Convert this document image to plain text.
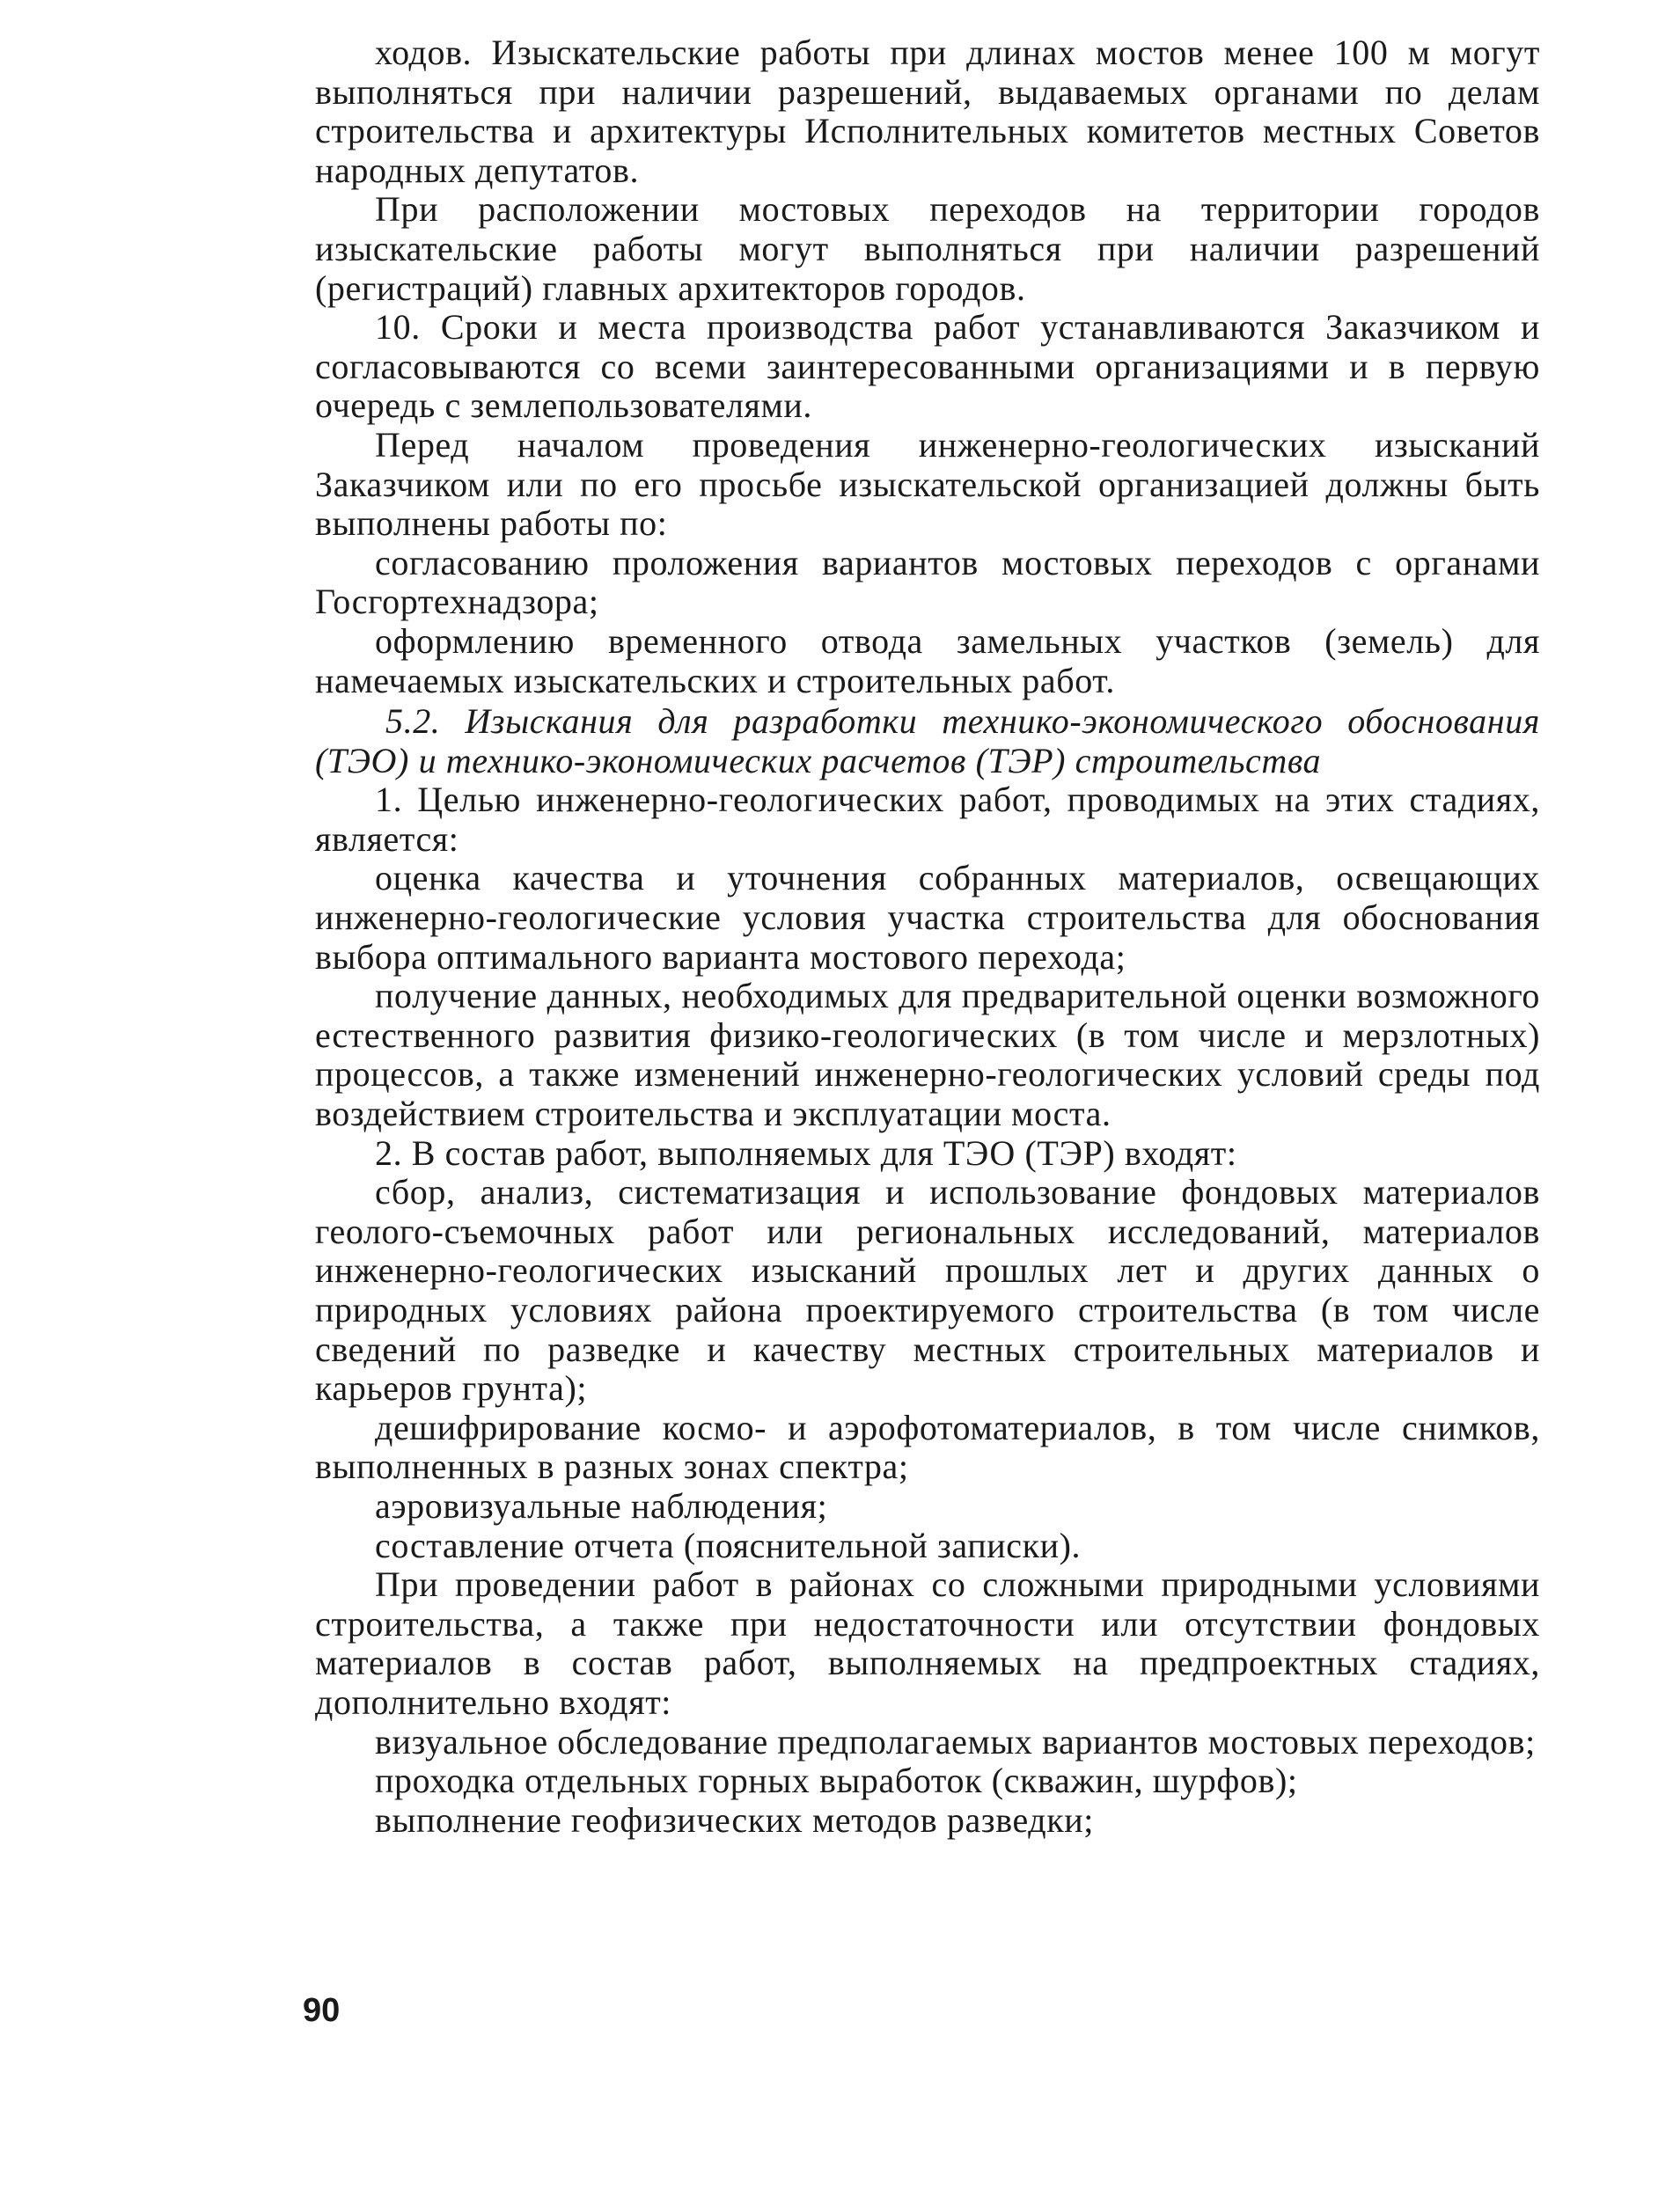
ходов. Изыскательские работы при длинах мостов менее 100 м могут выполняться при наличии разрешений, выдаваемых органами по делам строительства и архитектуры Исполнительных комитетов местных Советов народных депутатов.

При расположении мостовых переходов на территории городов изыскательские работы могут выполняться при наличии разрешений (регистраций) главных архитекторов городов.

10. Сроки и места производства работ устанавливаются Заказчиком и согласовываются со всеми заинтересованными организациями и в первую очередь с землепользователями.

Перед началом проведения инженерно-геологических изысканий Заказчиком или по его просьбе изыскательской организацией должны быть выполнены работы по:

согласованию проложения вариантов мостовых переходов с органами Госгортехнадзора;

оформлению временного отвода замельных участков (земель) для намечаемых изыскательских и строительных работ.

5.2. Изыскания для разработки технико-экономического обоснования (ТЭО) и технико-экономических расчетов (ТЭР) строительства

1. Целью инженерно-геологических работ, проводимых на этих стадиях, является:

оценка качества и уточнения собранных материалов, освещающих инженерно-геологические условия участка строительства для обоснования выбора оптимального варианта мостового перехода;

получение данных, необходимых для предварительной оценки возможного естественного развития физико-геологических (в том числе и мерзлотных) процессов, а также изменений инженерно-геологических условий среды под воздействием строительства и эксплуатации моста.

2. В состав работ, выполняемых для ТЭО (ТЭР) входят:

сбор, анализ, систематизация и использование фондовых материалов геолого-съемочных работ или региональных исследований, материалов инженерно-геологических изысканий прошлых лет и других данных о природных условиях района проектируемого строительства (в том числе сведений по разведке и качеству местных строительных материалов и карьеров грунта);

дешифрирование космо- и аэрофотоматериалов, в том числе снимков, выполненных в разных зонах спектра;

аэровизуальные наблюдения;

составление отчета (пояснительной записки).

При проведении работ в районах со сложными природными условиями строительства, а также при недостаточности или отсутствии фондовых материалов в состав работ, выполняемых на предпроектных стадиях, дополнительно входят:

визуальное обследование предполагаемых вариантов мостовых переходов;

проходка отдельных горных выработок (скважин, шурфов);

выполнение геофизических методов разведки;

90
